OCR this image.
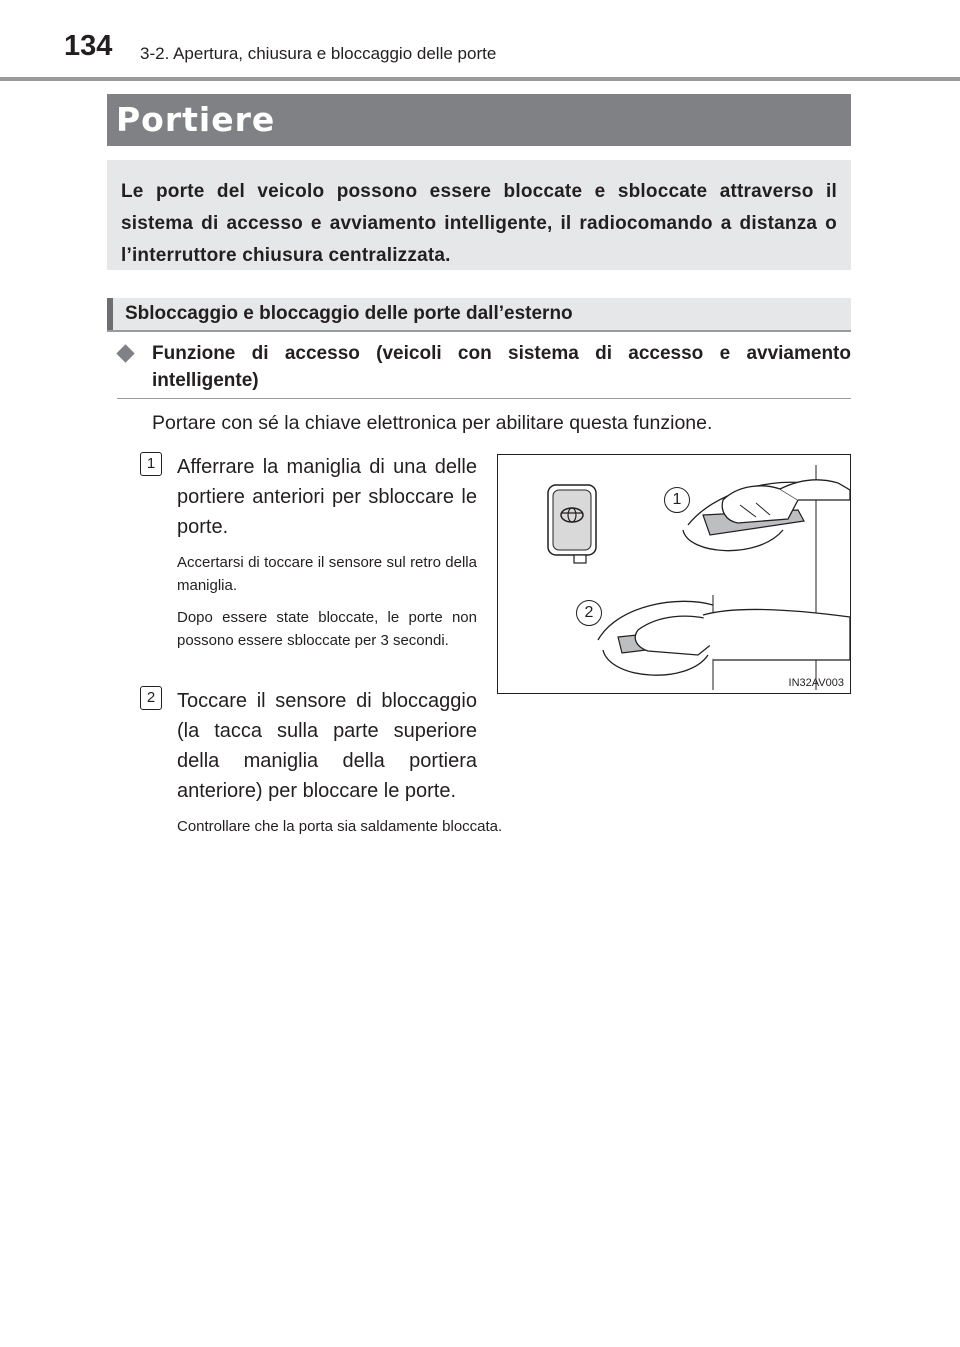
134 3-2. Apertura, chiusura e bloccaggio delle porte
Portiere

Le porte del veicolo possono essere bloccate e sbloccate attraverso il sistema di accesso e avviamento intelligente, il radiocomando a distanza o l’interruttore chiusura centralizzata.

Sbloccaggio e bloccaggio delle porte dall’esterno

Funzione di accesso (veicoli con sistema di accesso e avviamento intelligente)

Portare con sé la chiave elettronica per abilitare questa funzione.
1	Afferrare la maniglia di una delle portiere anteriori per sbloccare le porte.

Accertarsi di toccare il sensore sul retro della maniglia.

Dopo essere state bloccate, le porte non possono essere sbloccate per 3 secondi.

2	Toccare il sensore di bloccaggio (la tacca sulla parte superiore della maniglia della portiera anteriore) per bloccare le porte.

Controllare che la porta sia saldamente bloccata.

1
2
IN32AV003
